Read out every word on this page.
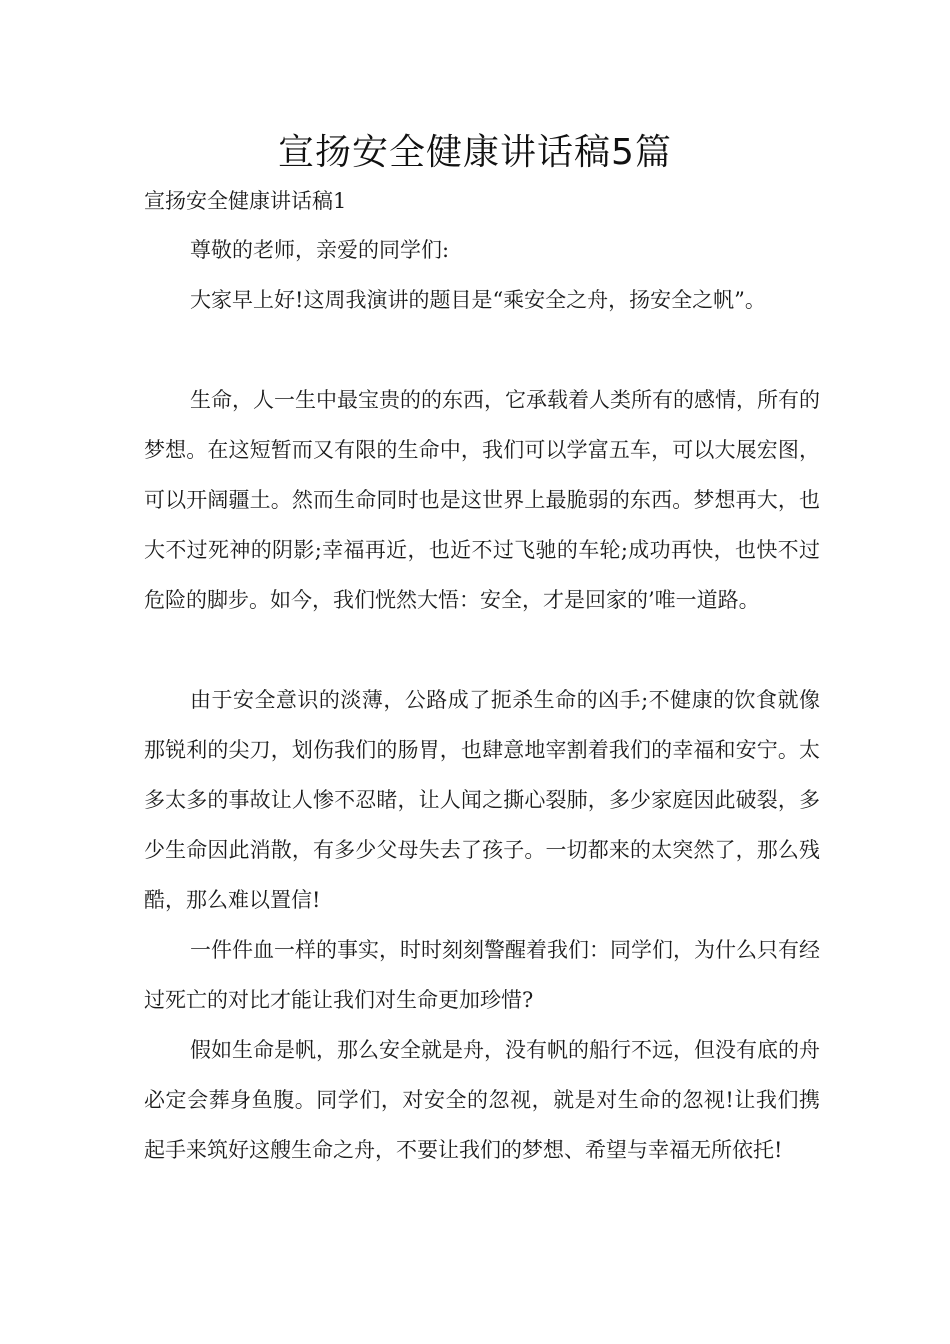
宣扬安全健康讲话稿5篇
宣扬安全健康讲话稿1

尊敬的老师，亲爱的同学们:

大家早上好!这周我演讲的题目是“乘安全之舟，扬安全之帆”。

生命，人一生中最宝贵的的东西，它承载着人类所有的感情，所有的梦想。在这短暂而又有限的生命中，我们可以学富五车，可以大展宏图，可以开阔疆土。然而生命同时也是这世界上最脆弱的东西。梦想再大，也大不过死神的阴影;幸福再近，也近不过飞驰的车轮;成功再快，也快不过危险的脚步。如今，我们恍然大悟：安全，才是回家的’唯一道路。

由于安全意识的淡薄，公路成了扼杀生命的凶手;不健康的饮食就像那锐利的尖刀，划伤我们的肠胃，也肆意地宰割着我们的幸福和安宁。太多太多的事故让人惨不忍睹，让人闻之撕心裂肺，多少家庭因此破裂，多少生命因此消散，有多少父母失去了孩子。一切都来的太突然了，那么残酷，那么难以置信!

一件件血一样的事实，时时刻刻警醒着我们：同学们，为什么只有经过死亡的对比才能让我们对生命更加珍惜?

假如生命是帆，那么安全就是舟，没有帆的船行不远，但没有底的舟必定会葬身鱼腹。同学们，对安全的忽视，就是对生命的忽视!让我们携起手来筑好这艘生命之舟，不要让我们的梦想、希望与幸福无所依托!
